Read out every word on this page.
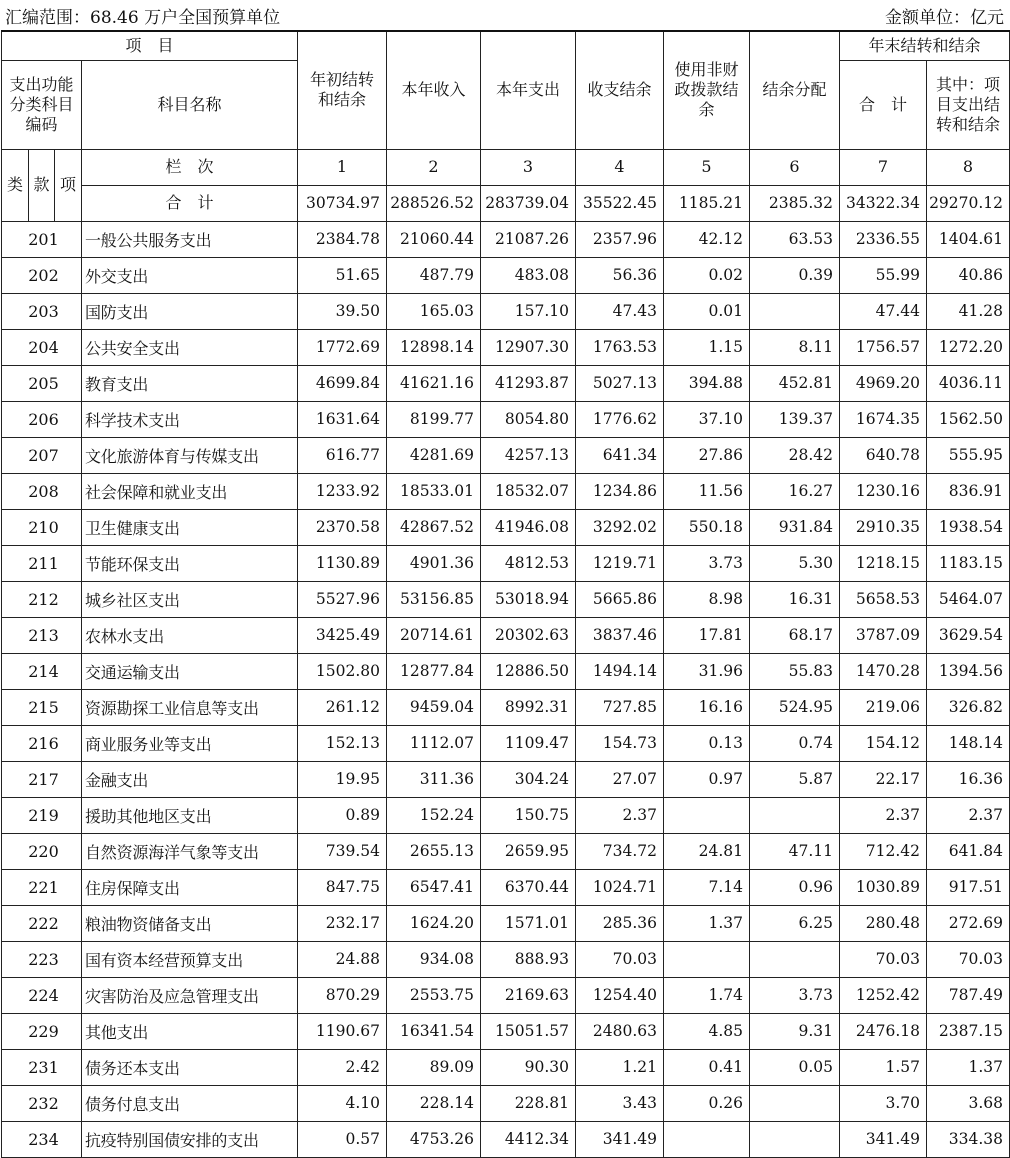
汇编范围：68.46 万户全国预算单位	金额单位：亿元
项　目				年初结转和结余	本年收入	本年支出	收支结余	使用非财政拨款结余	结余分配	年末结转和结余	
支出功能分类科目编码			科目名称							合　计	其中：项目支出结转和结余
类	款	项	栏　次	1	2	3	4	5	6	7	8
			合　计	30734.97	288526.52	283739.04	35522.45	1185.21	2385.32	34322.34	29270.12
201			一般公共服务支出	2384.78	21060.44	21087.26	2357.96	42.12	63.53	2336.55	1404.61
202			外交支出	51.65	487.79	483.08	56.36	0.02	0.39	55.99	40.86
203			国防支出	39.50	165.03	157.10	47.43	0.01		47.44	41.28
204			公共安全支出	1772.69	12898.14	12907.30	1763.53	1.15	8.11	1756.57	1272.20
205			教育支出	4699.84	41621.16	41293.87	5027.13	394.88	452.81	4969.20	4036.11
206			科学技术支出	1631.64	8199.77	8054.80	1776.62	37.10	139.37	1674.35	1562.50
207			文化旅游体育与传媒支出	616.77	4281.69	4257.13	641.34	27.86	28.42	640.78	555.95
208			社会保障和就业支出	1233.92	18533.01	18532.07	1234.86	11.56	16.27	1230.16	836.91
210			卫生健康支出	2370.58	42867.52	41946.08	3292.02	550.18	931.84	2910.35	1938.54
211			节能环保支出	1130.89	4901.36	4812.53	1219.71	3.73	5.30	1218.15	1183.15
212			城乡社区支出	5527.96	53156.85	53018.94	5665.86	8.98	16.31	5658.53	5464.07
213			农林水支出	3425.49	20714.61	20302.63	3837.46	17.81	68.17	3787.09	3629.54
214			交通运输支出	1502.80	12877.84	12886.50	1494.14	31.96	55.83	1470.28	1394.56
215			资源勘探工业信息等支出	261.12	9459.04	8992.31	727.85	16.16	524.95	219.06	326.82
216			商业服务业等支出	152.13	1112.07	1109.47	154.73	0.13	0.74	154.12	148.14
217			金融支出	19.95	311.36	304.24	27.07	0.97	5.87	22.17	16.36
219			援助其他地区支出	0.89	152.24	150.75	2.37			2.37	2.37
220			自然资源海洋气象等支出	739.54	2655.13	2659.95	734.72	24.81	47.11	712.42	641.84
221			住房保障支出	847.75	6547.41	6370.44	1024.71	7.14	0.96	1030.89	917.51
222			粮油物资储备支出	232.17	1624.20	1571.01	285.36	1.37	6.25	280.48	272.69
223			国有资本经营预算支出	24.88	934.08	888.93	70.03			70.03	70.03
224			灾害防治及应急管理支出	870.29	2553.75	2169.63	1254.40	1.74	3.73	1252.42	787.49
229			其他支出	1190.67	16341.54	15051.57	2480.63	4.85	9.31	2476.18	2387.15
231			债务还本支出	2.42	89.09	90.30	1.21	0.41	0.05	1.57	1.37
232			债务付息支出	4.10	228.14	228.81	3.43	0.26		3.70	3.68
234			抗疫特别国债安排的支出	0.57	4753.26	4412.34	341.49			341.49	334.38
